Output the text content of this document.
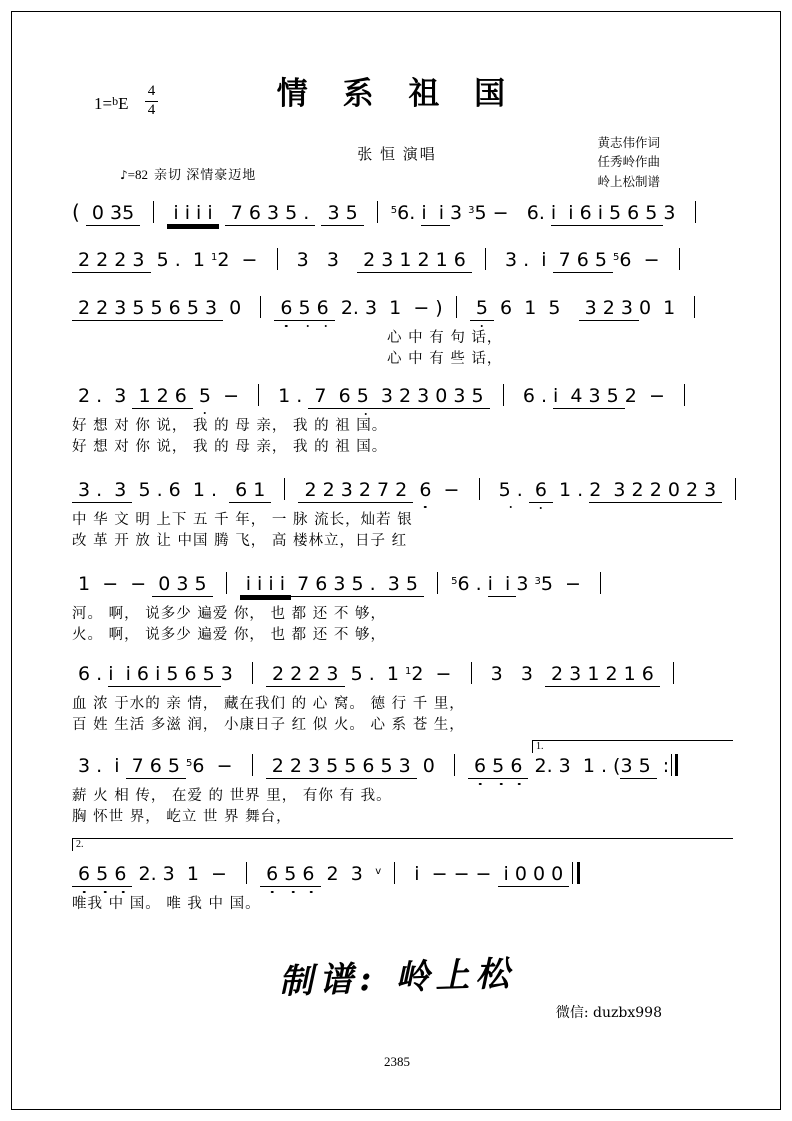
情 系 祖 国
1=$^b$E
4
4
张 恒 演唱
黄志伟作词
任秀岭作曲
岭上松制谱
♪=82 亲切 深情豪迈地
(  0 35    i i i i   7 6 3 5 .   3 5	$^5$6. i  i 3 $^3$5 −   6. i  i 6 i 5 6 5 3
2 2 2 3  5 .  1 $^1$2  −    3   3    2 3 1 2 1 6    3 .  i  7 6 5 $^5$6  −
2 2 3 5 5 6 5 3  0    6 5 6  2. 3  1  − )   5  6  1  5    3 2 3 0  1
心 中 有 句 话，
心 中 有 些 话，
2 .  3  1 2 6  5  −    1 .  7  6 5  3 2 3 0 3 5    6 . i  4 3 5 2  −
好 想 对 你 说， 我 的 母 亲， 我 的 祖 国。
好 想 对 你 说， 我 的 母 亲， 我 的 祖 国。
3 .  3  5 . 6  1 .   6 1    2 2 3 2 7 2  6  −    5 .  6  1 . 2  3 2 2 0 2 3
中 华 文 明 上下 五 千 年， 一 脉 流长，灿若 银
改 革 开 放 让 中国 腾 飞， 高 楼林立，日子 红
1  −  −  0 3 5    i i i i  7 6 3 5 .  3 5	$^5$6 . i  i 3 $^3$5  −
河。 啊， 说多少 遍爱 你， 也 都 还 不 够，
火。 啊， 说多少 遍爱 你， 也 都 还 不 够，
6 . i  i 6 i 5 6 5 3    2 2 2 3  5 .  1 $^1$2  −    3   3   2 3 1 2 1 6
血 浓 于水的 亲 情， 藏在我们 的 心 窝。 德 行 千 里，
百 姓 生活 多滋 润， 小康日子 红 似 火。 心 系 苍 生，
1.
3 .  i  7 6 5 $^5$6  −    2 2 3 5 5 6 5 3  0    6 5 6  2. 3  1 . (3 5  :
薪 火 相 传， 在爱 的 世界 里， 有你 有 我。
胸 怀世 界， 屹立 世 界 舞台，
2.
6 5 6  2. 3  1  −    6 5 6  2  3   $^v$   i  − − −  i 0 0 0
唯我 中 国。 唯 我 中 国。
制谱: 岭上松
微信: duzbx998
2385
